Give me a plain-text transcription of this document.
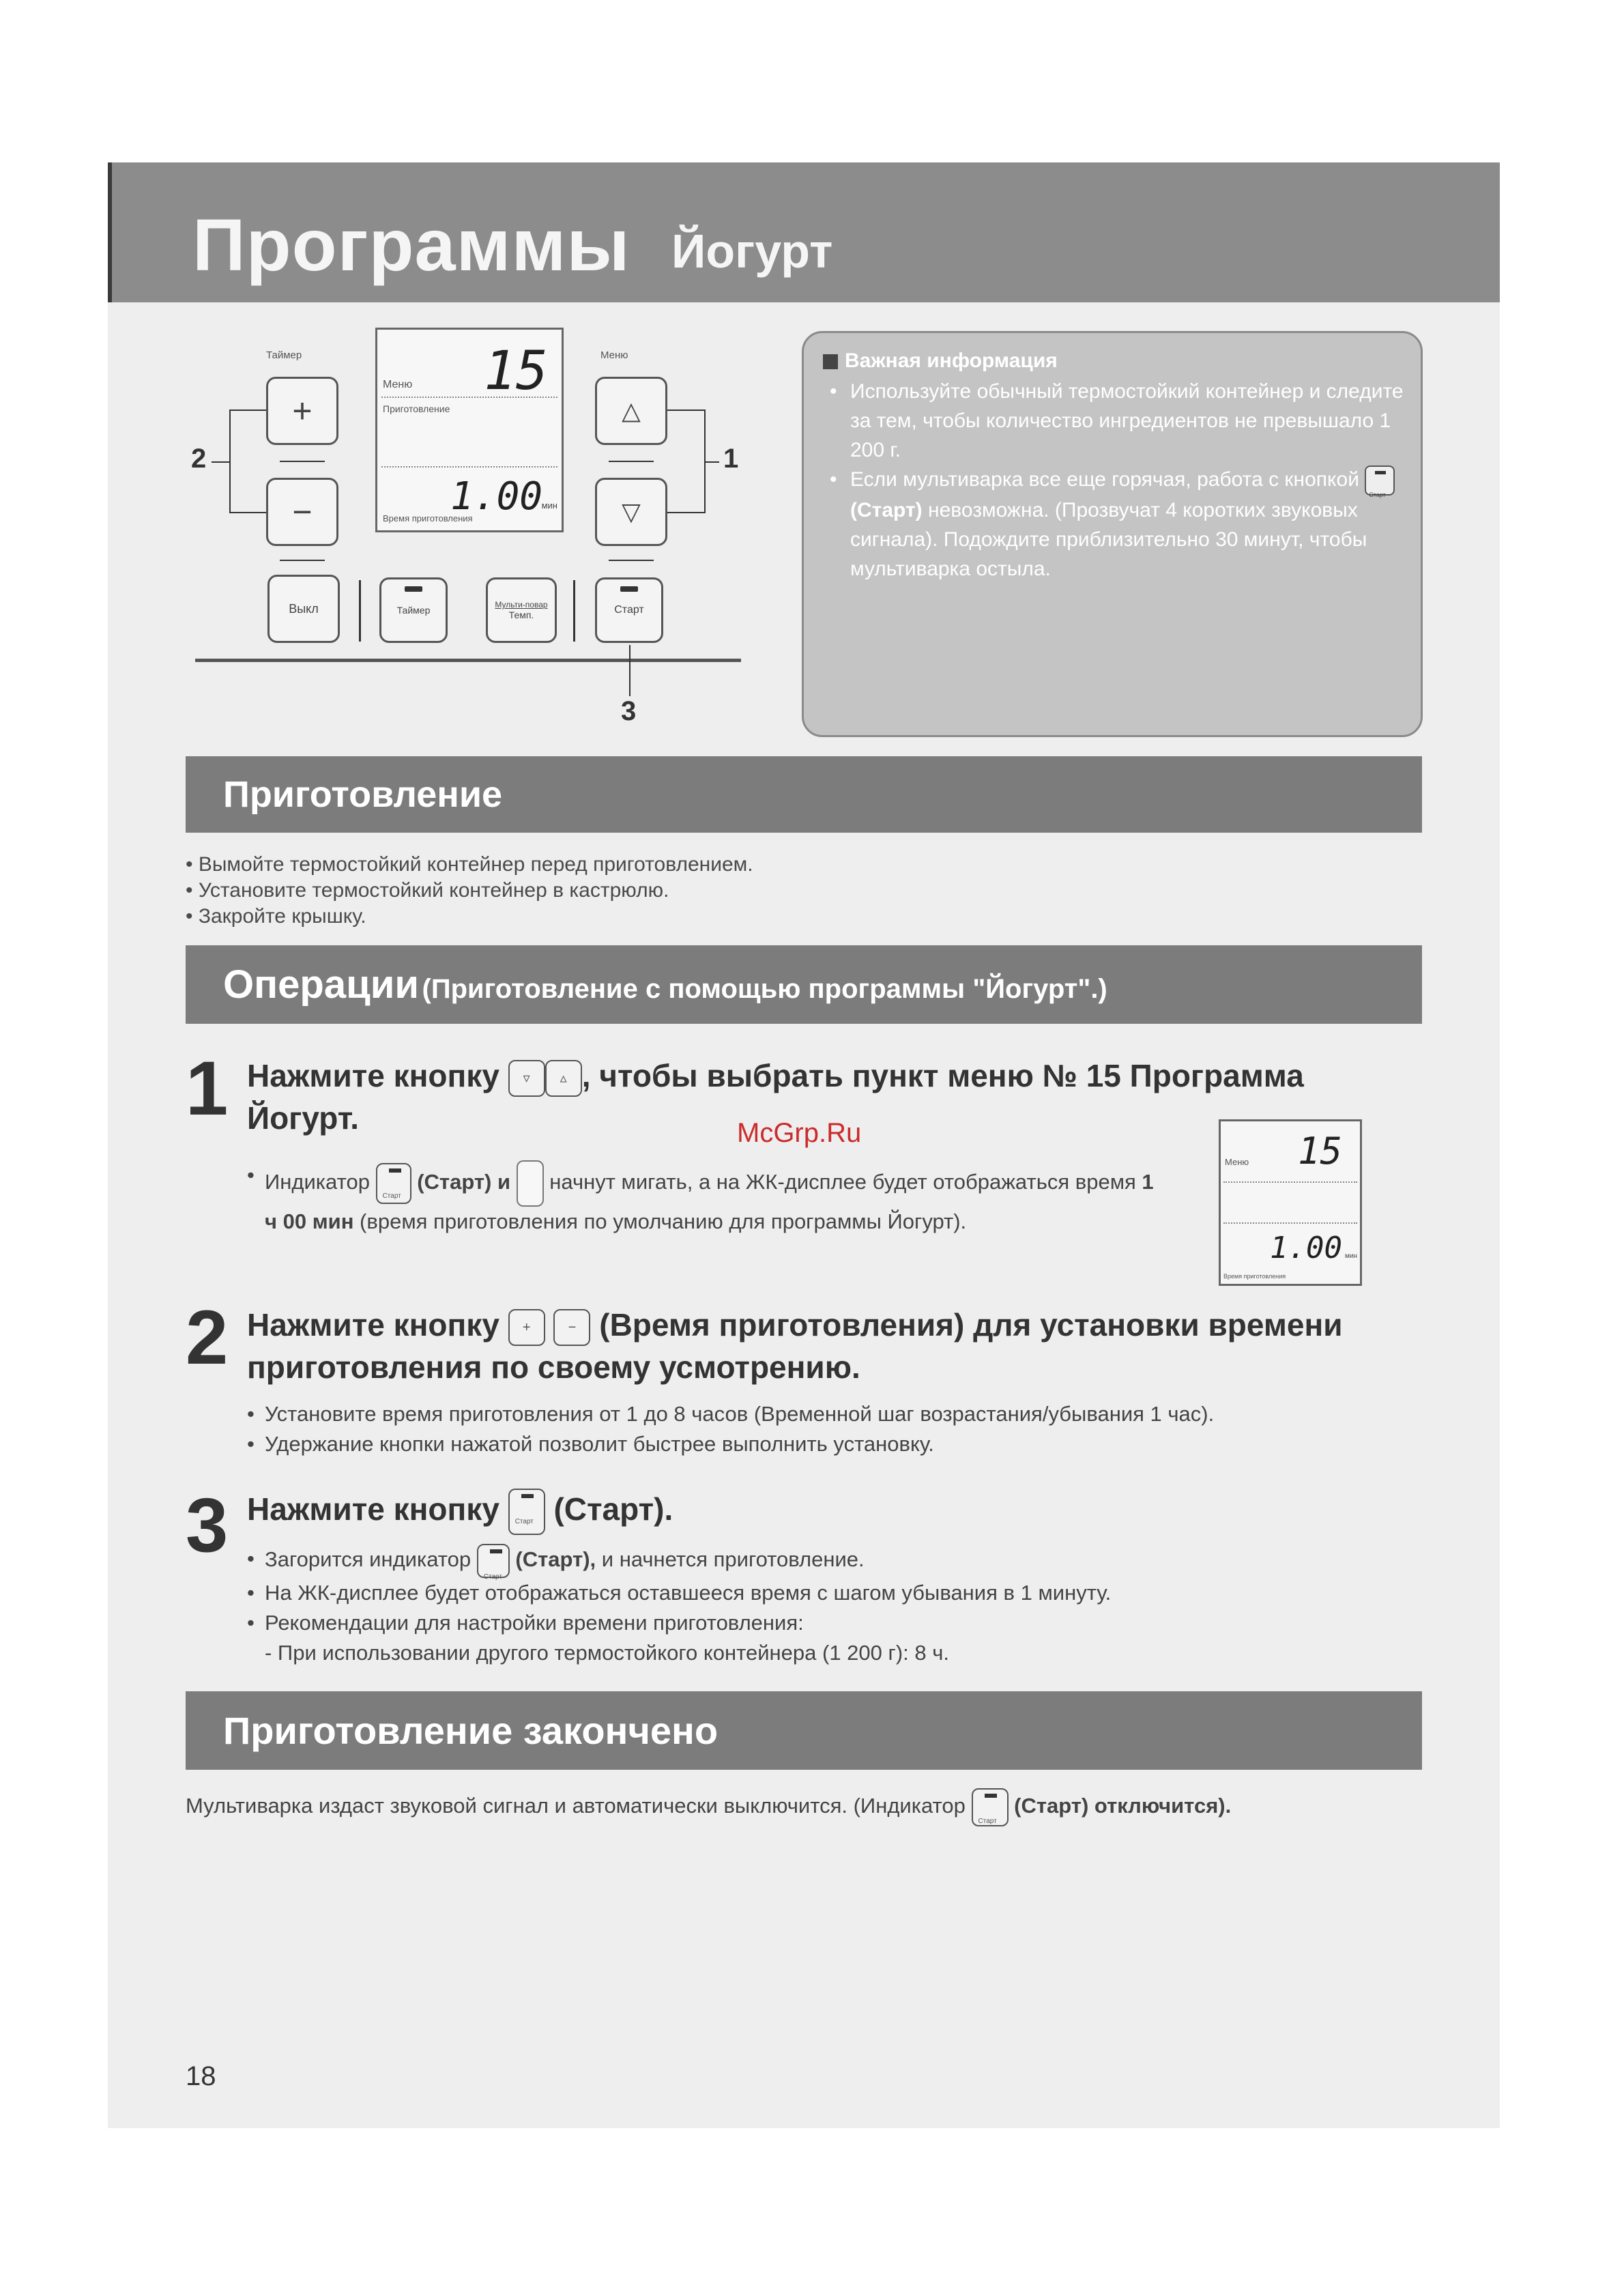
Программы Йогурт
Таймер	Меню
+
−
△
▽
Меню
Приготовление
15
1.00
мин
Время приготовления
Выкл	Таймер	Мульти-повар
Темп.	Старт
2	1
3
Важная информация
• Используйте обычный термостойкий контейнер и следите за тем, чтобы количество ингредиентов не превышало 1 200 г.
• Если мультиварка все еще горячая, работа с кнопкой
Старт
(Старт) невозможна. (Прозвучат 4 коротких звуковых сигнала). Подождите приблизительно 30 минут, чтобы мультиварка остыла.
Приготовление
• Вымойте термостойкий контейнер перед приготовлением.
• Установите термостойкий контейнер в кастрюлю.
• Закройте крышку.
Операции (Приготовление с помощью программы "Йогурт".)
1 Нажмите кнопку ▿ ▵ , чтобы выбрать пункт меню № 15 Программа Йогурт.
• Индикатор
Старт
(Старт) и начнут мигать, а на ЖК-дисплее будет отображаться время 1 ч 00 мин (время приготовления по умолчанию для программы Йогурт).
McGrp.Ru
Меню 15
1.00 мин
Время приготовления
2 Нажмите кнопку +	− (Время приготовления) для установки времени приготовления по своему усмотрению.
• Установите время приготовления от 1 до 8 часов (Временной шаг возрастания/убывания 1 час).
• Удержание кнопки нажатой позволит быстрее выполнить установку.
3 Нажмите кнопку Старт (Старт).
• Загорится индикатор
Старт
(Старт), и начнется приготовление.
• На ЖК-дисплее будет отображаться оставшееся время с шагом убывания в 1 минуту.
• Рекомендации для настройки времени приготовления:
- При использовании другого термостойкого контейнера (1 200 г): 8 ч.
Приготовление закончено
Мультиварка издаст звуковой сигнал и автоматически выключится. (Индикатор
Старт
(Старт) отключится).
18
